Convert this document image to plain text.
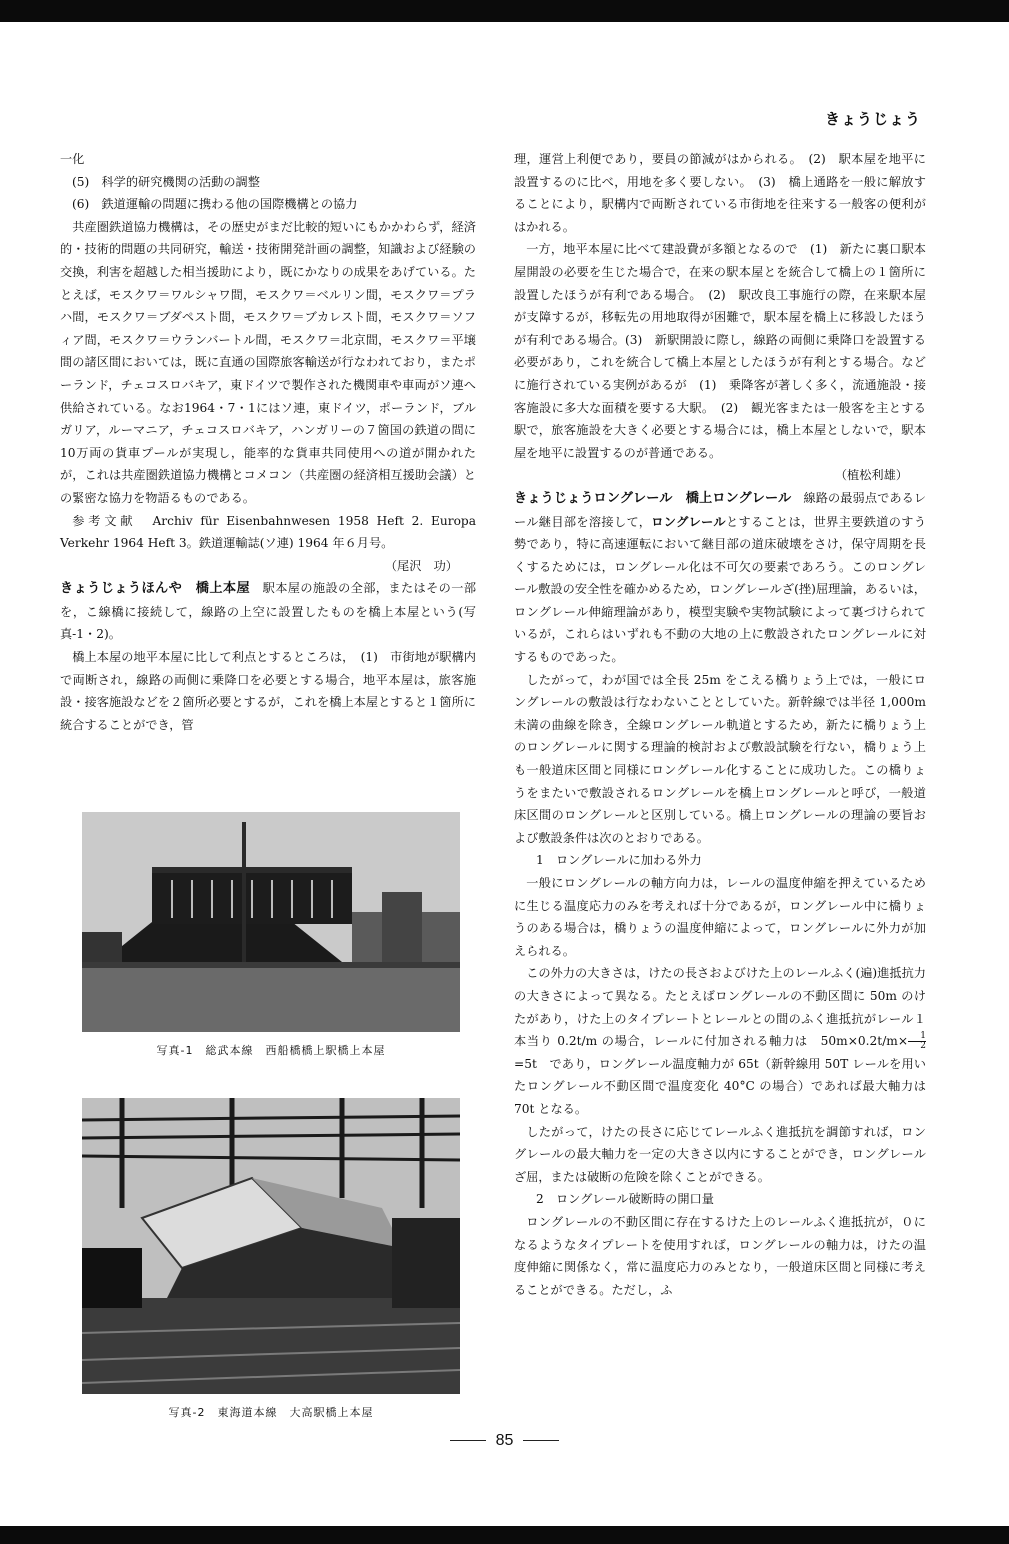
きょうじょう

一化

(5)　科学的研究機関の活動の調整

(6)　鉄道運輸の問題に携わる他の国際機構との協力

共産圏鉄道協力機構は，その歴史がまだ比較的短いにもかかわらず，経済的・技術的問題の共同研究，輸送・技術開発計画の調整，知識および経験の交換，利害を超越した相当援助により，既にかなりの成果をあげている。たとえば，モスクワ＝ワルシャワ間，モスクワ＝ベルリン間，モスクワ＝プラハ間，モスクワ＝ブダペスト間，モスクワ＝ブカレスト間，モスクワ＝ソフィア間，モスクワ＝ウランバートル間，モスクワ＝北京間，モスクワ＝平壌間の諸区間においては，既に直通の国際旅客輸送が行なわれており，またポーランド，チェコスロバキア，東ドイツで製作された機関車や車両がソ連へ供給されている。なお1964・7・1にはソ連，東ドイツ，ポーランド，ブルガリア，ルーマニア，チェコスロバキア，ハンガリーの７箇国の鉄道の間に10万両の貨車プールが実現し，能率的な貨車共同使用への道が開かれたが，これは共産圏鉄道協力機構とコメコン（共産圏の経済相互援助会議）との緊密な協力を物語るものである。

参考文献　Archiv für Eisenbahnwesen 1958 Heft 2. Europa Verkehr 1964 Heft 3。鉄道運輸誌(ソ連) 1964 年６月号。

（尾沢　功）

きょうじょうほんや　橋上本屋　 駅本屋の施設の全部，またはその一部を，こ線橋に接続して，線路の上空に設置したものを橋上本屋という(写真-1・2)。

橋上本屋の地平本屋に比して利点とするところは，　(1)　市街地が駅構内で両断され，線路の両側に乗降口を必要とする場合，地平本屋は，旅客施設・接客施設などを２箇所必要とするが，これを橋上本屋とすると１箇所に統合することができ，管

写真-1　総武本線　西船橋橋上駅橋上本屋
写真-2　東海道本線　大高駅橋上本屋

理，運営上利便であり，要員の節減がはかられる。　(2)　駅本屋を地平に設置するのに比べ，用地を多く要しない。　(3)　橋上通路を一般に解放することにより，駅構内で両断されている市街地を往来する一般客の便利がはかれる。

一方，地平本屋に比べて建設費が多額となるので　(1)　新たに裏口駅本屋開設の必要を生じた場合で，在来の駅本屋とを統合して橋上の１箇所に設置したほうが有利である場合。　(2)　駅改良工事施行の際，在来駅本屋が支障するが，移転先の用地取得が困難で，駅本屋を橋上に移設したほうが有利である場合。(3)　新駅開設に際し，線路の両側に乗降口を設置する必要があり，これを統合して橋上本屋としたほうが有利とする場合。などに施行されている実例があるが　(1)　乗降客が著しく多く，流通施設・接客施設に多大な面積を要する大駅。　(2)　観光客または一般客を主とする駅で，旅客施設を大きく必要とする場合には，橋上本屋としないで，駅本屋を地平に設置するのが普通である。

（植松利雄）

きょうじょうロングレール　橋上ロングレール　 線路の最弱点であるレール継目部を溶接して，ロングレールとすることは，世界主要鉄道のすう勢であり，特に高速運転において継目部の道床破壊をさけ，保守周期を長くするためには，ロングレール化は不可欠の要素であろう。このロングレール敷設の安全性を確かめるため，ロングレールざ(挫)屈理論，あるいは，ロングレール伸縮理論があり，模型実験や実物試験によって裏づけられているが，これらはいずれも不動の大地の上に敷設されたロングレールに対するものであった。

したがって，わが国では全長 25m をこえる橋りょう上では，一般にロングレールの敷設は行なわないこととしていた。新幹線では半径 1,000m 未満の曲線を除き，全線ロングレール軌道とするため，新たに橋りょう上のロングレールに関する理論的検討および敷設試験を行ない，橋りょう上も一般道床区間と同様にロングレール化することに成功した。この橋りょうをまたいで敷設されるロングレールを橋上ロングレールと呼び，一般道床区間のロングレールと区別している。橋上ロングレールの理論の要旨および敷設条件は次のとおりである。

1　ロングレールに加わる外力

一般にロングレールの軸方向力は，レールの温度伸縮を押えているために生じる温度応力のみを考えれば十分であるが，ロングレール中に橋りょうのある場合は，橋りょうの温度伸縮によって，ロングレールに外力が加えられる。

この外力の大きさは，けたの長さおよびけた上のレールふく(遍)進抵抗力の大きさによって異なる。たとえばロングレールの不動区間に 50m のけたがあり，けた上のタイプレートとレールとの間のふく進抵抗がレール１本当り 0.2t/m の場合，レールに付加される軸力は　$50m\times 0.2t/m\times \frac{1}{2}$
=5t　であり，ロングレール温度軸力が 65t（新幹線用 50T レールを用いたロングレール不動区間で温度変化 40°C の場合）であれば最大軸力は 70t となる。

したがって，けたの長さに応じてレールふく進抵抗を調節すれば，ロングレールの最大軸力を一定の大きさ以内にすることができ，ロングレールざ屈，または破断の危険を除くことができる。

2　ロングレール破断時の開口量

ロングレールの不動区間に存在するけた上のレールふく進抵抗が，０になるようなタイプレートを使用すれば，ロングレールの軸力は，けたの温度伸縮に関係なく，常に温度応力のみとなり，一般道床区間と同様に考えることができる。ただし，ふ

85
